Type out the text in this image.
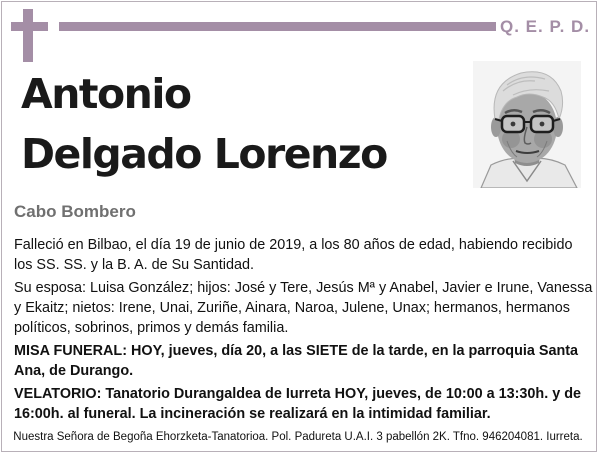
Q. E. P. D.
Antonio
Delgado Lorenzo
Cabo Bombero

Falleció en Bilbao, el día 19 de junio de 2019, a los 80 años de edad, habiendo recibido los SS. SS. y la B. A. de Su Santidad.

Su esposa: Luisa González; hijos: José y Tere, Jesús Mª y Anabel, Javier e Irune, Vanessa y Ekaitz; nietos: Irene, Unai, Zuriñe, Ainara, Naroa, Julene, Unax; hermanos, hermanos políticos, sobrinos, primos y demás familia.

MISA FUNERAL: HOY, jueves, día 20, a las SIETE de la tarde, en la parroquia Santa Ana, de Durango.

VELATORIO: Tanatorio Durangaldea de Iurreta HOY, jueves, de 10:00 a 13:30h. y de 16:00h. al funeral. La incineración se realizará en la intimidad familiar.

Nuestra Señora de Begoña Ehorzketa-Tanatorioa. Pol. Padureta U.A.I. 3 pabellón 2K. Tfno. 946204081. Iurreta.
